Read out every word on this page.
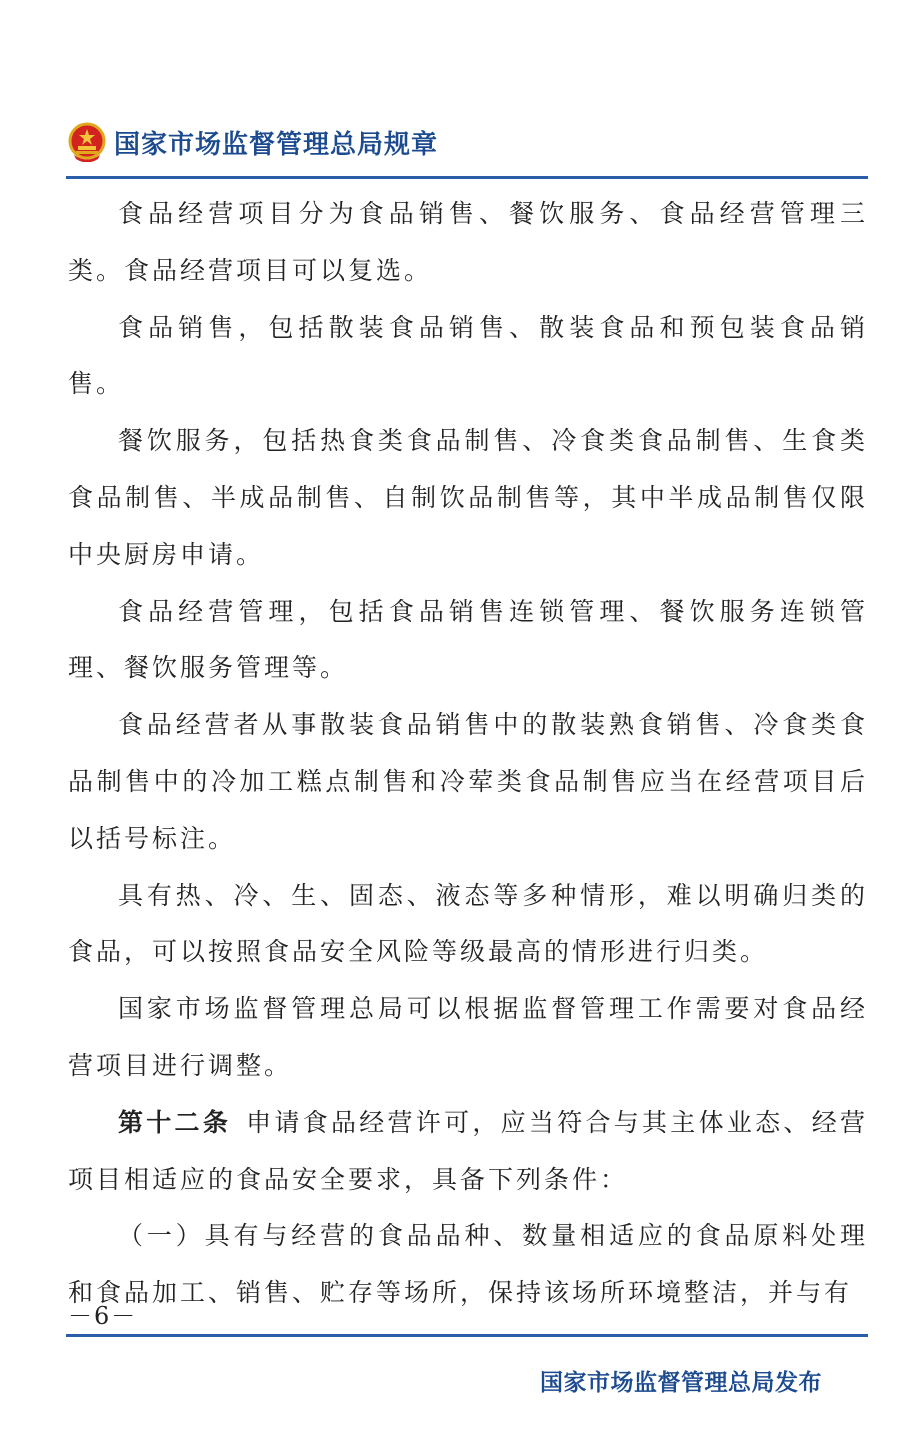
国家市场监督管理总局规章

食品经营项目分为食品销售、餐饮服务、食品经营管理三类。食品经营项目可以复选。

食品销售，包括散装食品销售、散装食品和预包装食品销售。

餐饮服务，包括热食类食品制售、冷食类食品制售、生食类食品制售、半成品制售、自制饮品制售等，其中半成品制售仅限中央厨房申请。

食品经营管理，包括食品销售连锁管理、餐饮服务连锁管理、餐饮服务管理等。

食品经营者从事散装食品销售中的散装熟食销售、冷食类食品制售中的冷加工糕点制售和冷荤类食品制售应当在经营项目后以括号标注。

具有热、冷、生、固态、液态等多种情形，难以明确归类的食品，可以按照食品安全风险等级最高的情形进行归类。

国家市场监督管理总局可以根据监督管理工作需要对食品经营项目进行调整。

第十二条 申请食品经营许可，应当符合与其主体业态、经营项目相适应的食品安全要求，具备下列条件：

（一）具有与经营的食品品种、数量相适应的食品原料处理和食品加工、销售、贮存等场所，保持该场所环境整洁，并与有

－6－
国家市场监督管理总局发布
